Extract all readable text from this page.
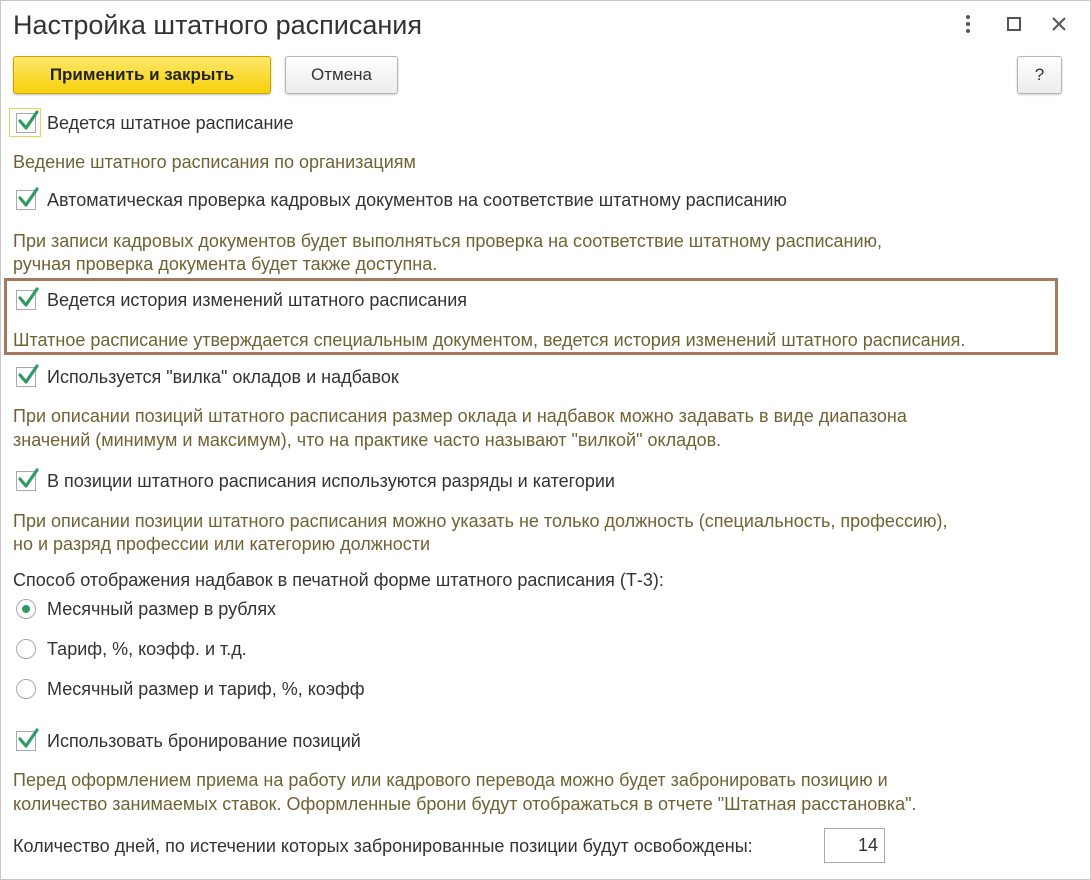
Настройка штатного расписания
Применить и закрыть	Отмена	?
Ведется штатное расписание
Ведение штатного расписания по организациям
Автоматическая проверка кадровых документов на соответствие штатному расписанию
При записи кадровых документов будет выполняться проверка на соответствие штатному расписанию,
ручная проверка документа будет также доступна.
Ведется история изменений штатного расписания
Штатное расписание утверждается специальным документом, ведется история изменений штатного расписания.
Используется "вилка" окладов и надбавок
При описании позиций штатного расписания размер оклада и надбавок можно задавать в виде диапазона
значений (минимум и максимум), что на практике часто называют "вилкой" окладов.
В позиции штатного расписания используются разряды и категории
При описании позиции штатного расписания можно указать не только должность (специальность, профессию),
но и разряд профессии или категорию должности
Способ отображения надбавок в печатной форме штатного расписания (Т-3):
Месячный размер в рублях
Тариф, %, коэфф. и т.д.
Месячный размер и тариф, %, коэфф
Использовать бронирование позиций
Перед оформлением приема на работу или кадрового перевода можно будет забронировать позицию и
количество занимаемых ставок. Оформленные брони будут отображаться в отчете "Штатная расстановка".
Количество дней, по истечении которых забронированные позиции будут освобождены:	14
